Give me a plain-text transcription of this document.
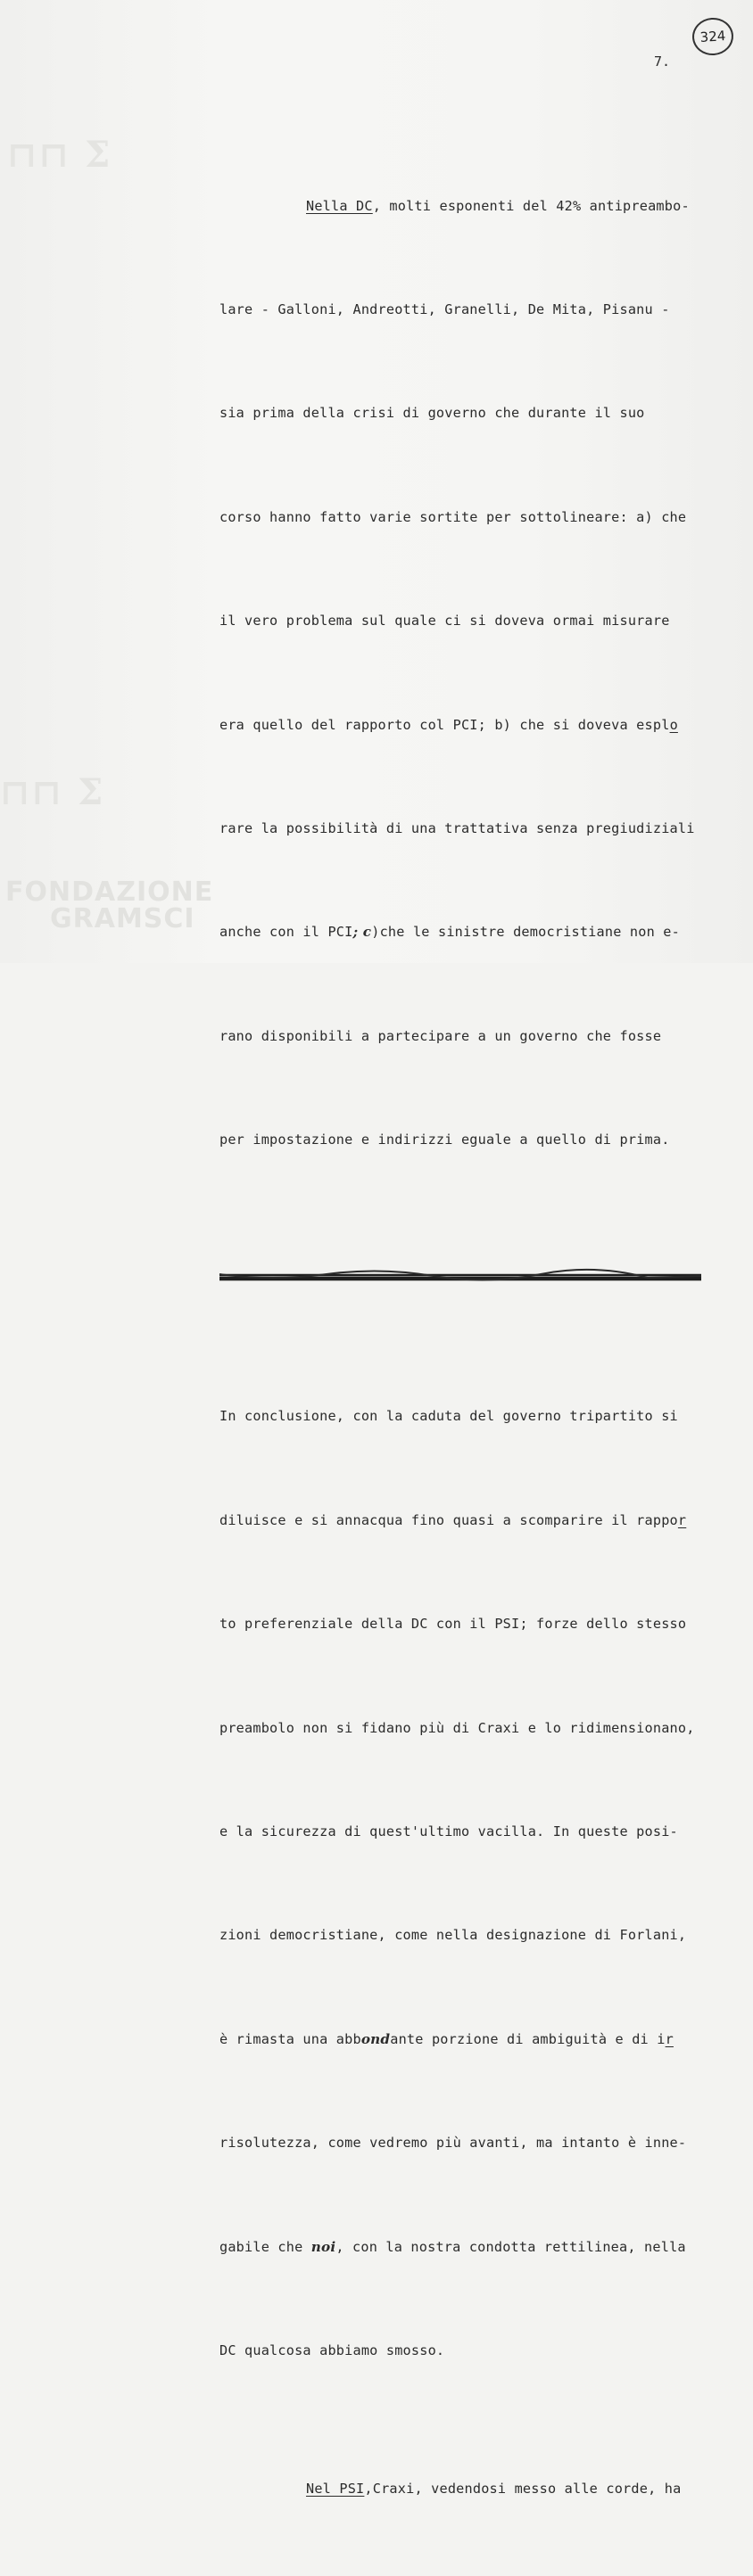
⊓⊓ Σ
⊓⊓ Σ
324
7.

Nella DC, molti esponenti del 42% antipreambo-

lare - Galloni, Andreotti, Granelli, De Mita, Pisanu -

sia prima della crisi di governo che durante il suo

corso hanno fatto varie sortite per sottolineare: a) che

il vero problema sul quale ci si doveva ormai misurare

era quello del rapporto col PCI; b) che si doveva esplo

rare la possibilità di una trattativa senza pregiudiziali

anche con il PCI; c)che le sinistre democristiane non e-

rano disponibili a partecipare a un governo che fosse

per impostazione e indirizzi eguale a quello di prima.

In conclusione, con la caduta del governo tripartito si

diluisce e si annacqua fino quasi a scomparire il rappor

to preferenziale della DC con il PSI; forze dello stesso

preambolo non si fidano più di Craxi e lo ridimensionano,

e la sicurezza di quest'ultimo vacilla. In queste posi-

zioni democristiane, come nella designazione di Forlani,

è rimasta una abbondante porzione di ambiguità e di ir

risolutezza, come vedremo più avanti, ma intanto è inne-

gabile che noi, con la nostra condotta rettilinea, nella

DC qualcosa abbiamo smosso.

Nel PSI,Craxi, vedendosi messo alle corde, ha

FONDAZIONE
GRAMSCI
